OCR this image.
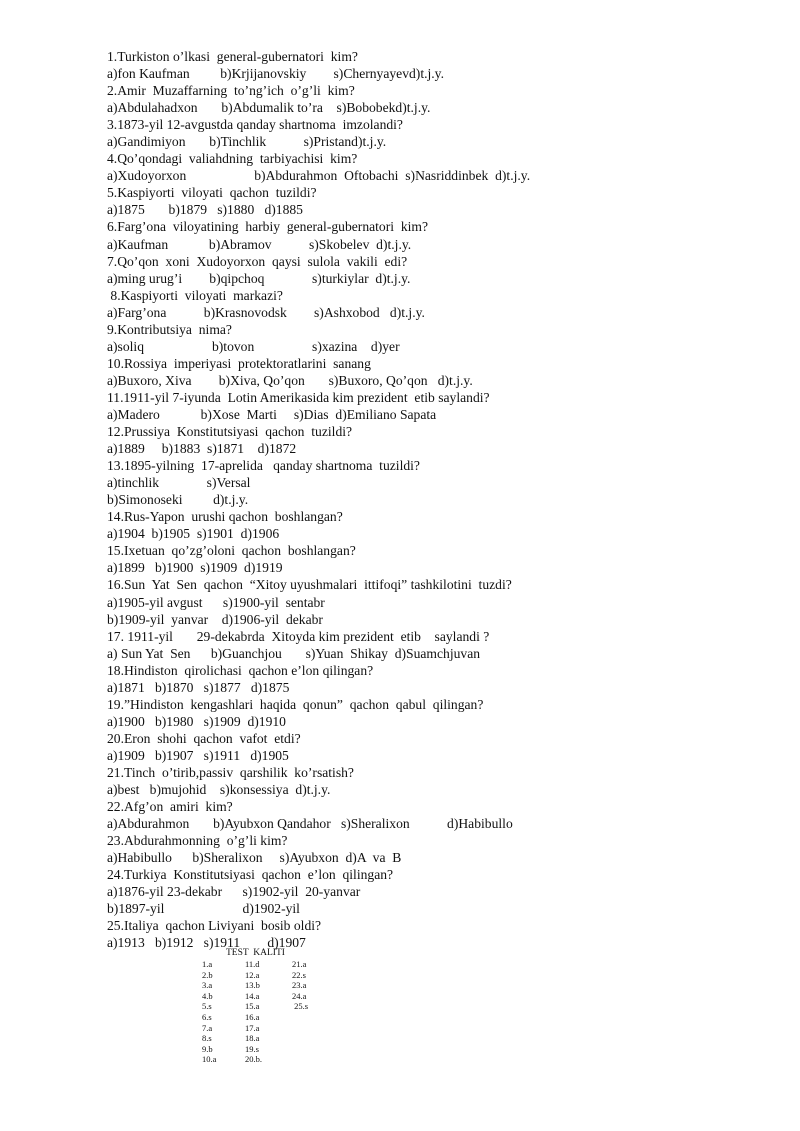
1.Turkiston o’lkasi  general-gubernatori  kim?
a)fon Kaufman         b)Krjijanovskiy        s)Chernyayevd)t.j.y.
2.Amir  Muzaffarning  to’ng’ich  o’g’li  kim?
a)Abdulahadxon       b)Abdumalik to’ra    s)Bobobekd)t.j.y.
3.1873-yil 12-avgustda qanday shartnoma  imzolandi?
a)Gandimiyon       b)Tinchlik           s)Pristand)t.j.y.
4.Qo’qondagi  valiahdning  tarbiyachisi  kim?
a)Xudoyorxon                    b)Abdurahmon  Oftobachi  s)Nasriddinbek  d)t.j.y.
5.Kaspiyorti  viloyati  qachon  tuzildi?
a)1875       b)1879   s)1880   d)1885
6.Farg’ona  viloyatining  harbiy  general-gubernatori  kim?
a)Kaufman            b)Abramov           s)Skobelev  d)t.j.y.
7.Qo’qon  xoni  Xudoyorxon  qaysi  sulola  vakili  edi?
a)ming urug’i        b)qipchoq              s)turkiylar  d)t.j.y.
8.Kaspiyorti  viloyati  markazi?
a)Farg’ona           b)Krasnovodsk        s)Ashxobod   d)t.j.y.
9.Kontributsiya  nima?
a)soliq                    b)tovon                 s)xazina    d)yer
10.Rossiya  imperiyasi  protektoratlarini  sanang
a)Buxoro, Xiva        b)Xiva, Qo’qon       s)Buxoro, Qo’qon   d)t.j.y.
11.1911-yil 7-iyunda  Lotin Amerikasida kim prezident  etib saylandi?
a)Madero            b)Xose  Marti     s)Dias  d)Emiliano Sapata
12.Prussiya  Konstitutsiyasi  qachon  tuzildi?
a)1889     b)1883  s)1871    d)1872
13.1895-yilning  17-aprelida   qanday shartnoma  tuzildi?
a)tinchlik              s)Versal
b)Simonoseki         d)t.j.y.
14.Rus-Yapon  urushi qachon  boshlangan?
a)1904  b)1905  s)1901  d)1906
15.Ixetuan  qo’zg’oloni  qachon  boshlangan?
a)1899   b)1900  s)1909  d)1919
16.Sun  Yat  Sen  qachon  “Xitoy uyushmalari  ittifoqi” tashkilotini  tuzdi?
a)1905-yil avgust      s)1900-yil  sentabr
b)1909-yil  yanvar    d)1906-yil  dekabr
17. 1911-yil       29-dekabrda  Xitoyda kim prezident  etib    saylandi ?
a) Sun Yat  Sen      b)Guanchjou       s)Yuan  Shikay  d)Suamchjuvan
18.Hindiston  qirolichasi  qachon e’lon qilingan?
a)1871   b)1870   s)1877   d)1875
19.”Hindiston  kengashlari  haqida  qonun”  qachon  qabul  qilingan?
a)1900   b)1980   s)1909  d)1910
20.Eron  shohi  qachon  vafot  etdi?
a)1909   b)1907   s)1911   d)1905
21.Tinch  o’tirib,passiv  qarshilik  ko’rsatish?
a)best   b)mujohid    s)konsessiya  d)t.j.y.
22.Afg’on  amiri  kim?
a)Abdurahmon       b)Ayubxon Qandahor   s)Sheralixon           d)Habibullo
23.Abdurahmonning  o’g’li kim?
a)Habibullo      b)Sheralixon     s)Ayubxon  d)A  va  B
24.Turkiya  Konstitutsiyasi  qachon  e’lon  qilingan?
a)1876-yil 23-dekabr      s)1902-yil  20-yanvar
b)1897-yil                       d)1902-yil
25.Italiya  qachon Liviyani  bosib oldi?
a)1913   b)1912   s)1911        d)1907
TEST  KALITI
1.a	11.d	21.a
2.b	12.a	22.s
3.a	13.b	23.a
4.b	14.a	24.a
5.s	15.a	25.s
6.s	16.a
7.a	17.a
8.s	18.a
9.b	19.s
10.a	20.b.
